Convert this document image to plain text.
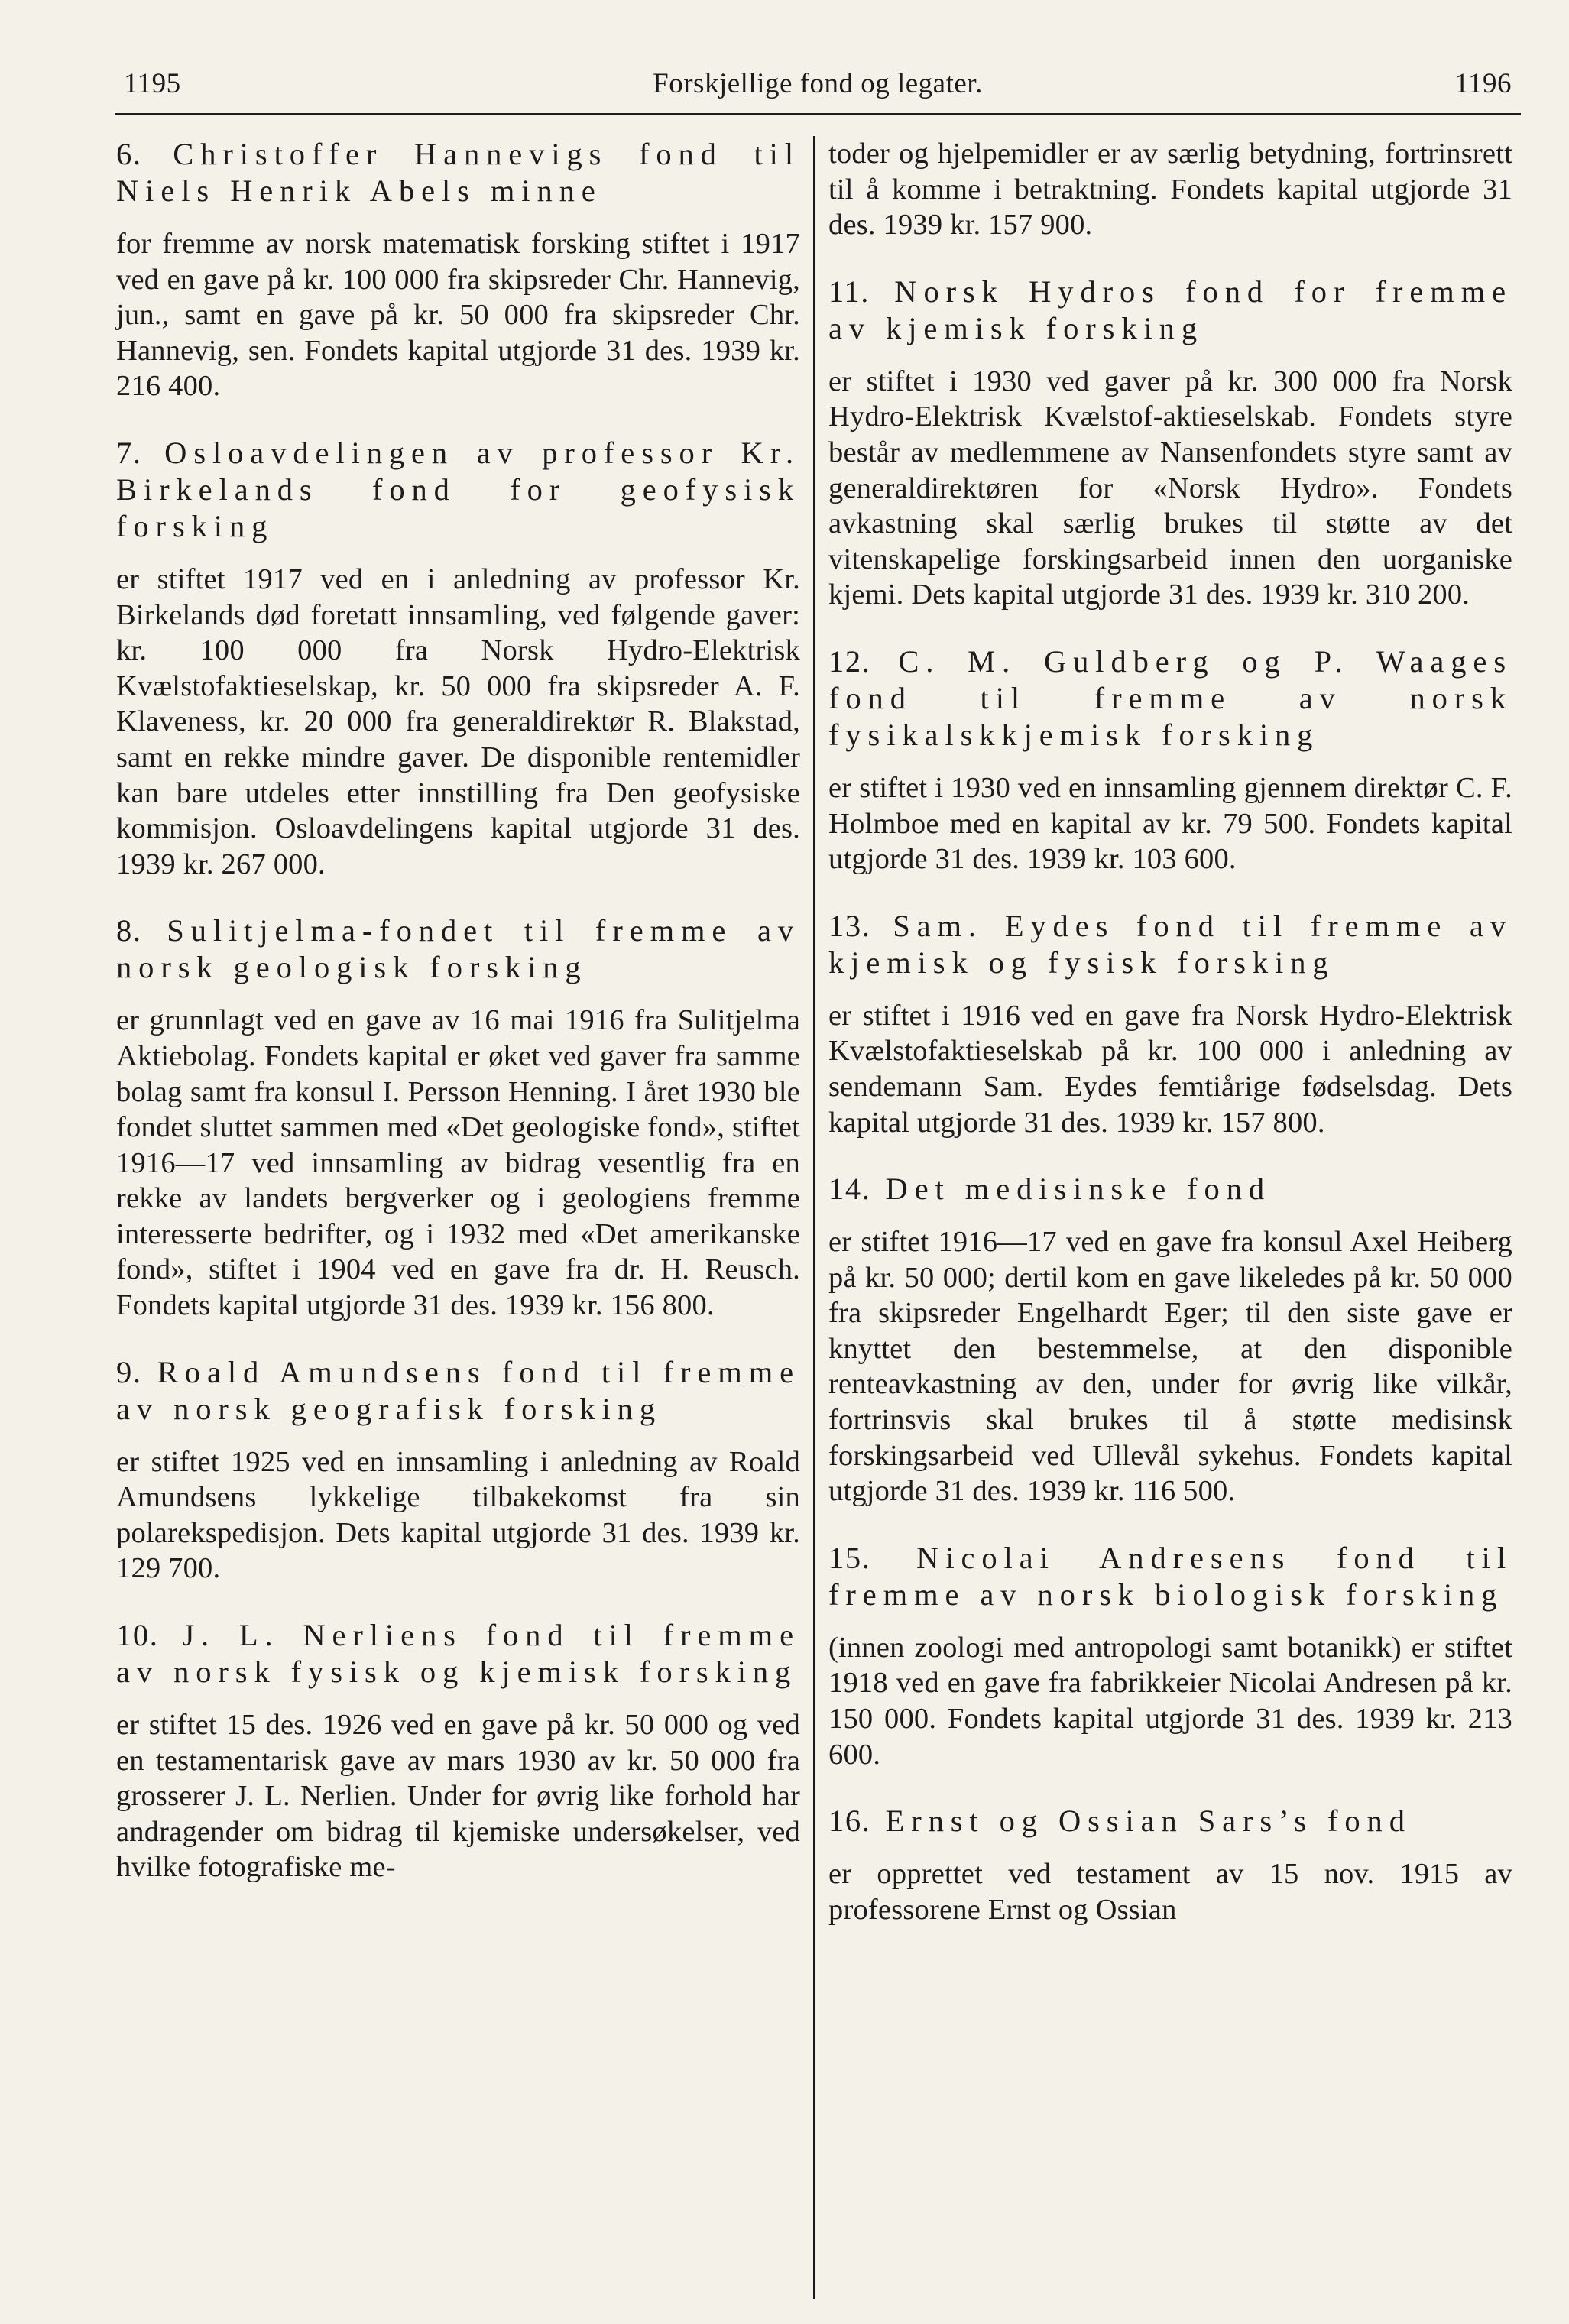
1195	Forskjellige fond og legater.	1196

6. Christoffer Hannevigs fond til Niels Henrik Abels minne

for fremme av norsk matematisk forsking stiftet i 1917 ved en gave på kr. 100 000 fra skipsreder Chr. Hannevig, jun., samt en gave på kr. 50 000 fra skipsreder Chr. Hannevig, sen. Fondets kapital utgjorde 31 des. 1939 kr. 216 400.

7. Osloavdelingen av professor Kr. Birkelands fond for geofysisk forsking

er stiftet 1917 ved en i anledning av professor Kr. Birkelands død foretatt innsamling, ved følgende gaver: kr. 100 000 fra Norsk Hydro-Elektrisk Kvælstofaktieselskap, kr. 50 000 fra skipsreder A. F. Klaveness, kr. 20 000 fra generaldirektør R. Blakstad, samt en rekke mindre gaver. De disponible rentemidler kan bare utdeles etter innstilling fra Den geofysiske kommisjon. Osloavdelingens kapital utgjorde 31 des. 1939 kr. 267 000.

8. Sulitjelma-fondet til fremme av norsk geologisk forsking

er grunnlagt ved en gave av 16 mai 1916 fra Sulitjelma Aktiebolag. Fondets kapital er øket ved gaver fra samme bolag samt fra konsul I. Persson Henning. I året 1930 ble fondet sluttet sammen med «Det geologiske fond», stiftet 1916—17 ved innsamling av bidrag vesentlig fra en rekke av landets bergverker og i geologiens fremme interesserte bedrifter, og i 1932 med «Det amerikanske fond», stiftet i 1904 ved en gave fra dr. H. Reusch. Fondets kapital utgjorde 31 des. 1939 kr. 156 800.

9. Roald Amundsens fond til fremme av norsk geografisk forsking

er stiftet 1925 ved en innsamling i anledning av Roald Amundsens lykkelige tilbakekomst fra sin polarekspedisjon. Dets kapital utgjorde 31 des. 1939 kr. 129 700.

10. J. L. Nerliens fond til fremme av norsk fysisk og kjemisk forsking

er stiftet 15 des. 1926 ved en gave på kr. 50 000 og ved en testamentarisk gave av mars 1930 av kr. 50 000 fra grosserer J. L. Nerlien. Under for øvrig like forhold har andragender om bidrag til kjemiske undersøkelser, ved hvilke fotografiske me-

toder og hjelpemidler er av særlig betydning, fortrinsrett til å komme i betraktning. Fondets kapital utgjorde 31 des. 1939 kr. 157 900.

11. Norsk Hydros fond for fremme av kjemisk forsking

er stiftet i 1930 ved gaver på kr. 300 000 fra Norsk Hydro-Elektrisk Kvælstof-aktieselskab. Fondets styre består av medlemmene av Nansenfondets styre samt av generaldirektøren for «Norsk Hydro». Fondets avkastning skal særlig brukes til støtte av det vitenskapelige forskingsarbeid innen den uorganiske kjemi. Dets kapital utgjorde 31 des. 1939 kr. 310 200.

12. C. M. Guldberg og P. Waages fond til fremme av norsk fysikalskkjemisk forsking

er stiftet i 1930 ved en innsamling gjennem direktør C. F. Holmboe med en kapital av kr. 79 500. Fondets kapital utgjorde 31 des. 1939 kr. 103 600.

13. Sam. Eydes fond til fremme av kjemisk og fysisk forsking

er stiftet i 1916 ved en gave fra Norsk Hydro-Elektrisk Kvælstofaktieselskab på kr. 100 000 i anledning av sendemann Sam. Eydes femtiårige fødselsdag. Dets kapital utgjorde 31 des. 1939 kr. 157 800.

14. Det medisinske fond

er stiftet 1916—17 ved en gave fra konsul Axel Heiberg på kr. 50 000; dertil kom en gave likeledes på kr. 50 000 fra skipsreder Engelhardt Eger; til den siste gave er knyttet den bestemmelse, at den disponible renteavkastning av den, under for øvrig like vilkår, fortrinsvis skal brukes til å støtte medisinsk forskingsarbeid ved Ullevål sykehus. Fondets kapital utgjorde 31 des. 1939 kr. 116 500.

15. Nicolai Andresens fond til fremme av norsk biologisk forsking

(innen zoologi med antropologi samt botanikk) er stiftet 1918 ved en gave fra fabrikkeier Nicolai Andresen på kr. 150 000. Fondets kapital utgjorde 31 des. 1939 kr. 213 600.

16. Ernst og Ossian Sars’s fond

er opprettet ved testament av 15 nov. 1915 av professorene Ernst og Ossian
